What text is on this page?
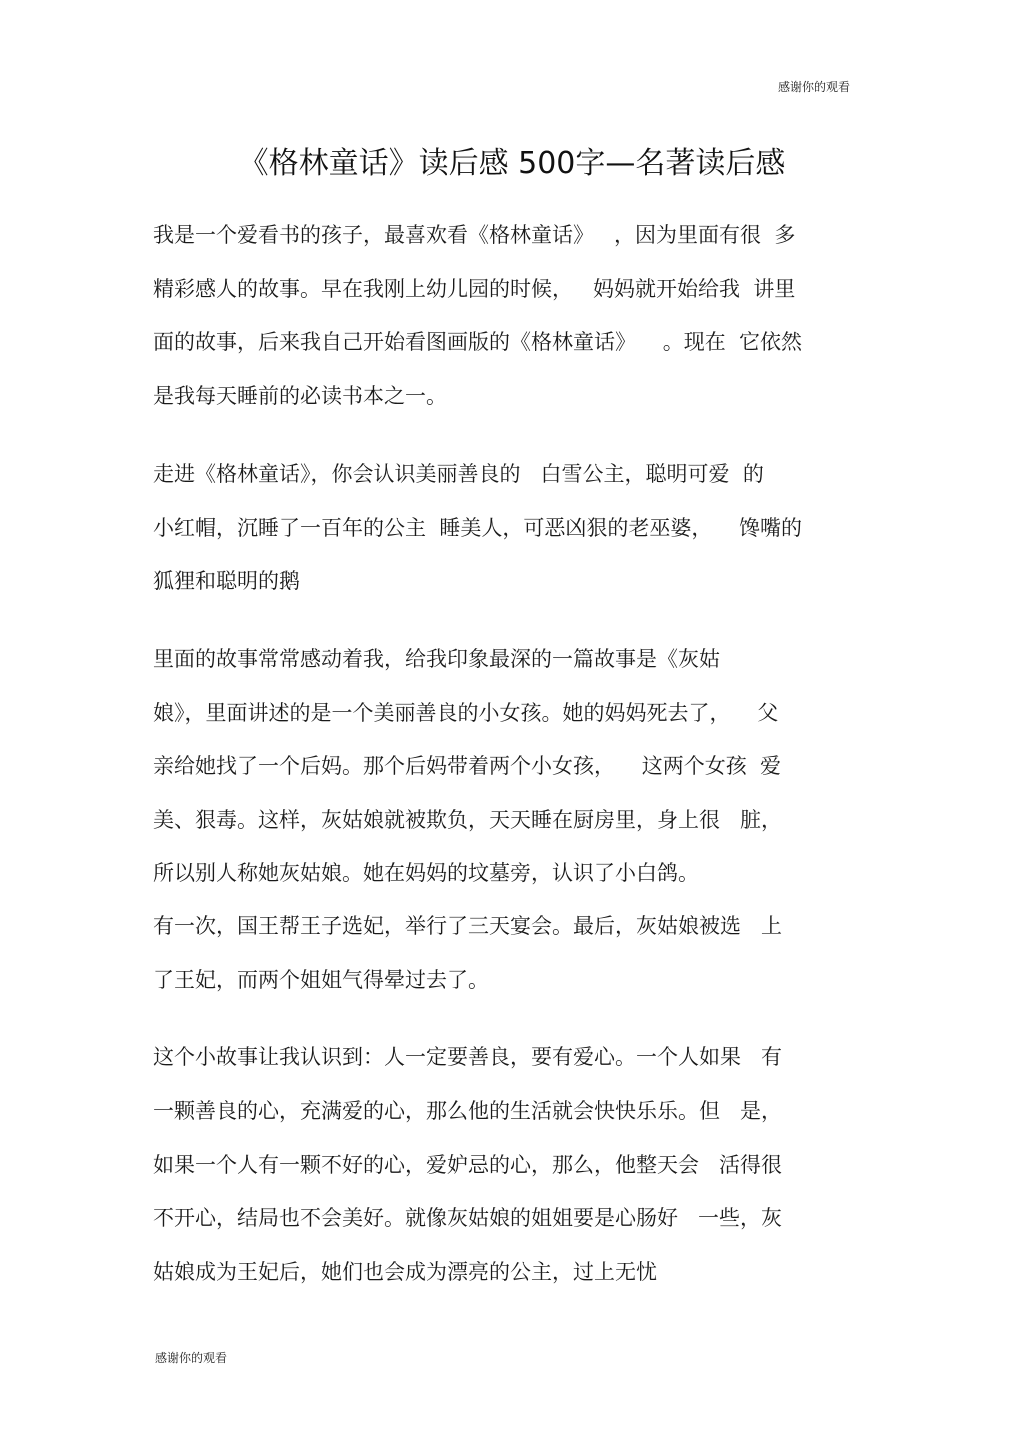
感谢你的观看
《格林童话》读后感 500字—名著读后感
我是一个爱看书的孩子，最喜欢看《格林童话》   ，因为里面有很  多
精彩感人的故事。早在我刚上幼儿园的时候，   妈妈就开始给我  讲里
面的故事，后来我自己开始看图画版的《格林童话》    。现在  它依然
是我每天睡前的必读书本之一。
走进《格林童话》，你会认识美丽善良的   白雪公主，聪明可爱  的
小红帽，沉睡了一百年的公主  睡美人，可恶凶狠的老巫婆，    馋嘴的
狐狸和聪明的鹅
里面的故事常常感动着我，给我印象最深的一篇故事是《灰姑
娘》，里面讲述的是一个美丽善良的小女孩。她的妈妈死去了，    父
亲给她找了一个后妈。那个后妈带着两个小女孩，    这两个女孩  爱
美、狠毒。这样，灰姑娘就被欺负，天天睡在厨房里，身上很   脏，
所以别人称她灰姑娘。她在妈妈的坟墓旁，认识了小白鸽。
有一次，国王帮王子选妃，举行了三天宴会。最后，灰姑娘被选   上
了王妃，而两个姐姐气得晕过去了。
这个小故事让我认识到：人一定要善良，要有爱心。一个人如果   有
一颗善良的心，充满爱的心，那么他的生活就会快快乐乐。但   是，
如果一个人有一颗不好的心，爱妒忌的心，那么，他整天会   活得很
不开心，结局也不会美好。就像灰姑娘的姐姐要是心肠好   一些，灰
姑娘成为王妃后，她们也会成为漂亮的公主，过上无忧
感谢你的观看
